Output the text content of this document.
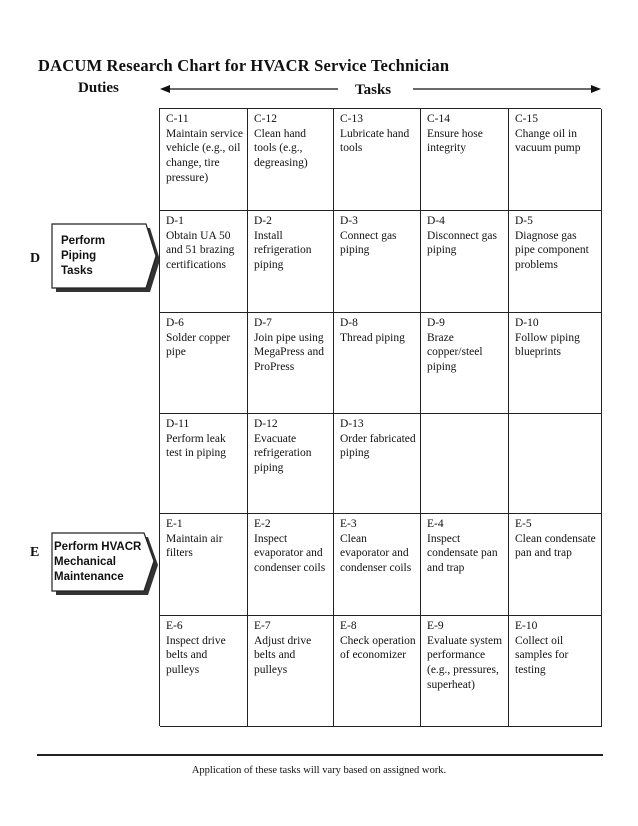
DACUM Research Chart for HVACR Service Technician
Duties	Tasks
D
Perform
Piping
Tasks
E Perform HVACR
Mechanical
Maintenance
C-11
Maintain service vehicle (e.g., oil change, tire pressure)
C-12
Clean hand tools (e.g., degreasing)
C-13
Lubricate hand tools
C-14
Ensure hose integrity
C-15
Change oil in vacuum pump
D-1
Obtain UA 50 and 51 brazing certifications
D-2
Install refrigeration piping
D-3
Connect gas piping
D-4
Disconnect gas piping
D-5
Diagnose gas pipe component problems
D-6
Solder copper pipe
D-7
Join pipe using MegaPress and ProPress
D-8
Thread piping
D-9
Braze copper/steel piping
D-10
Follow piping blueprints
D-11
Perform leak test in piping
D-12
Evacuate refrigeration piping
D-13
Order fabricated piping
E-1
Maintain air filters
E-2
Inspect evaporator and condenser coils
E-3
Clean evaporator and condenser coils
E-4
Inspect condensate pan and trap
E-5
Clean condensate pan and trap
E-6
Inspect drive belts and pulleys
E-7
Adjust drive belts and pulleys
E-8
Check operation of economizer
E-9
Evaluate system performance (e.g., pressures, superheat)
E-10
Collect oil samples for testing
Application of these tasks will vary based on assigned work.
